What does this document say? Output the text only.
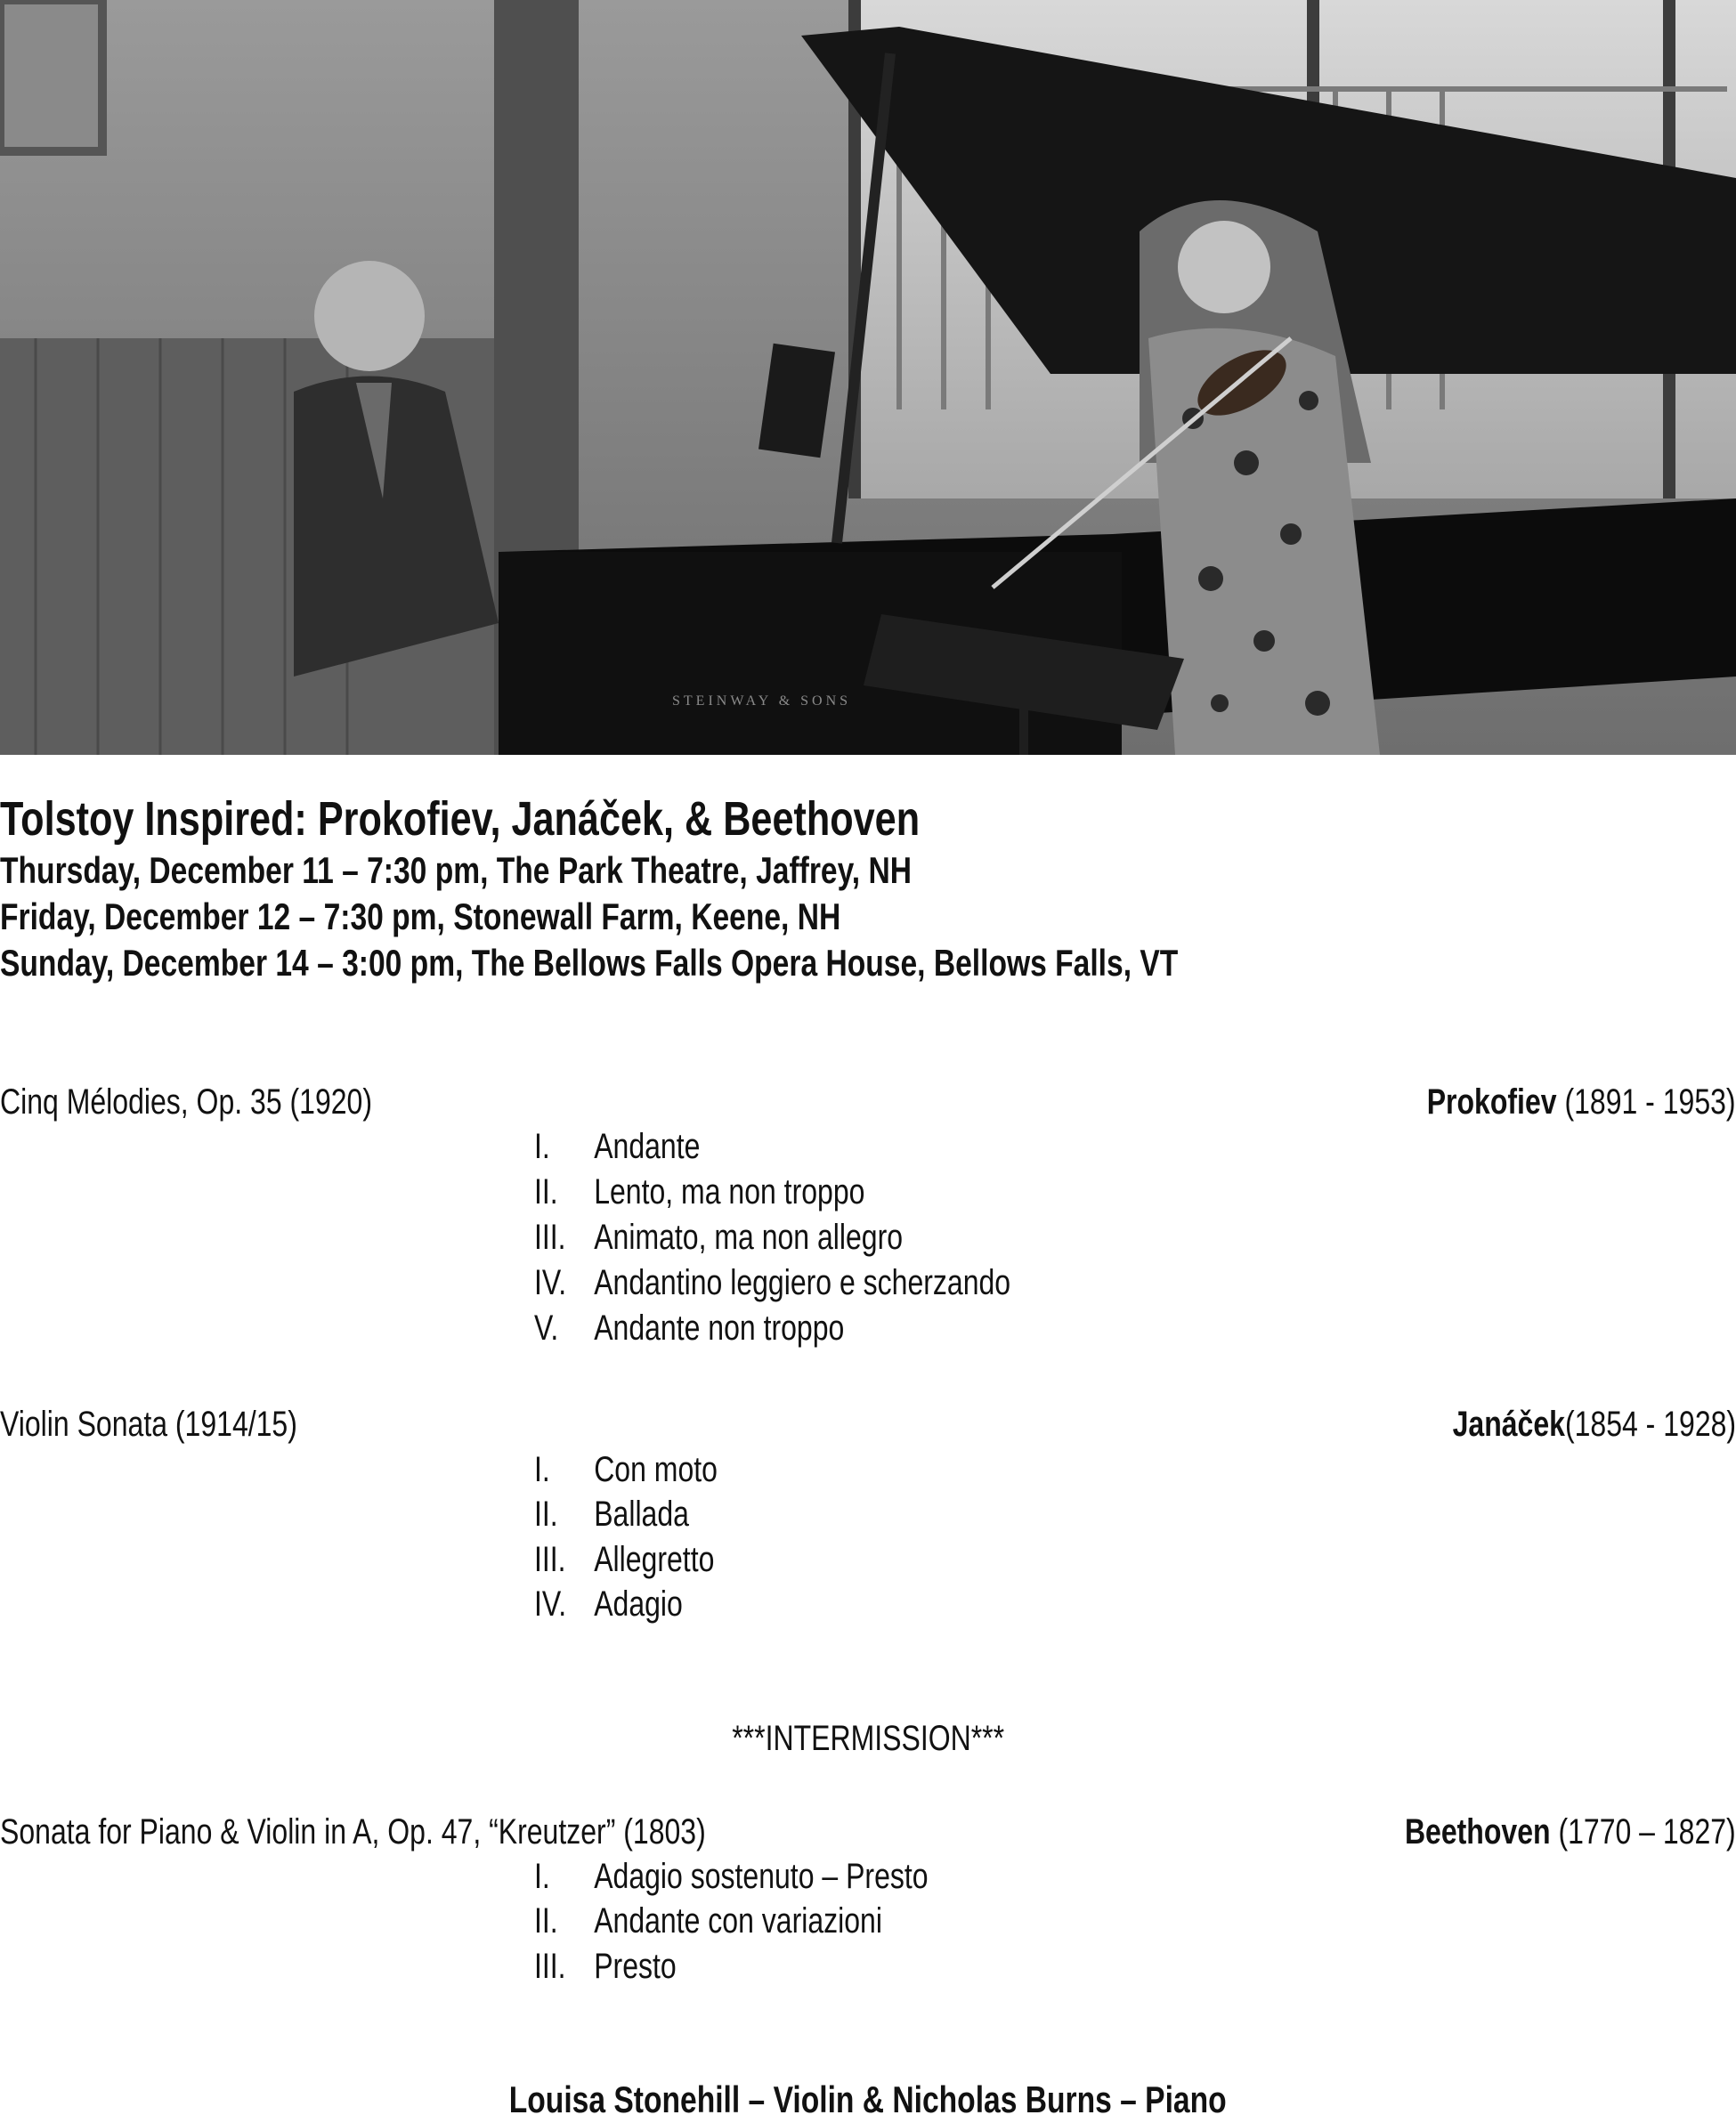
STEINWAY & SONS
Tolstoy Inspired: Prokofiev, Janáček, & Beethoven
Thursday, December 11 – 7:30 pm, The Park Theatre, Jaffrey, NH
Friday, December 12 – 7:30 pm, Stonewall Farm, Keene, NH
Sunday, December 14 – 3:00 pm, The Bellows Falls Opera House, Bellows Falls, VT
Cinq Mélodies, Op. 35 (1920)	Prokofiev (1891 - 1953)
I. Andante
II. Lento, ma non troppo
III. Animato, ma non allegro
IV. Andantino leggiero e scherzando
V. Andante non troppo
Violin Sonata (1914/15)	Janáček(1854 - 1928)
I. Con moto
II. Ballada
III. Allegretto
IV. Adagio
***INTERMISSION***
Sonata for Piano & Violin in A, Op. 47, “Kreutzer” (1803)	Beethoven (1770 – 1827)
I. Adagio sostenuto – Presto
II. Andante con variazioni
III. Presto
Louisa Stonehill – Violin & Nicholas Burns – Piano
